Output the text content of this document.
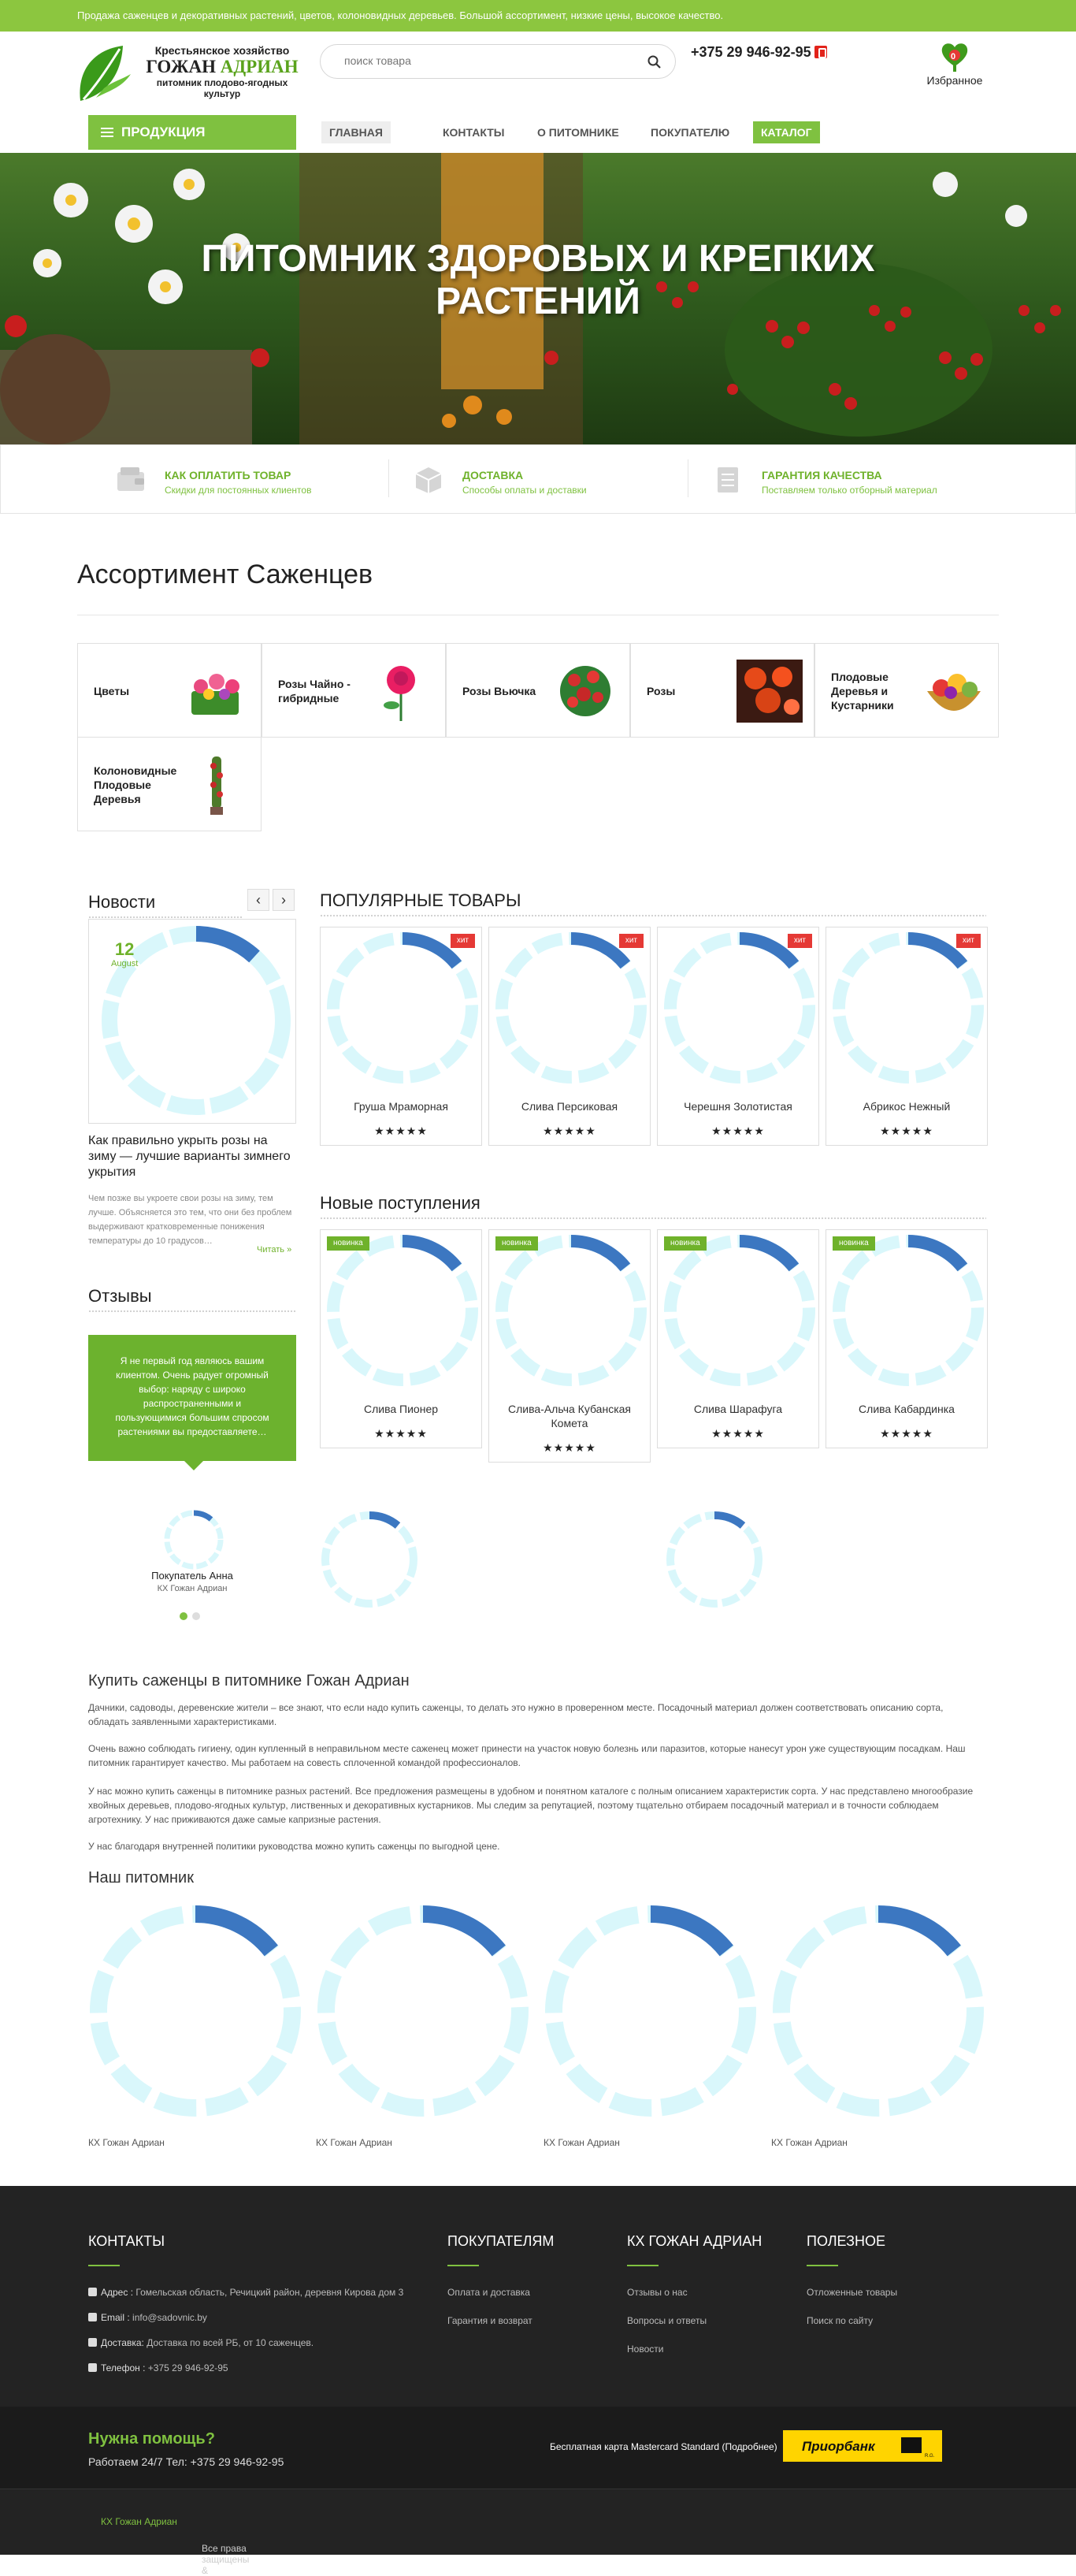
Продажа саженцев и декоративных растений, цветов, колоновидных деревьев. Большой ассортимент, низкие цены, высокое качество.
Крестьянское хозяйство
ГОЖАН АДРИАН
питомник плодово-ягодных
культур
поиск товара
+375 29 946-92-95	0
Избранное
ПРОДУКЦИЯ	ГЛАВНАЯ	КОНТАКТЫ	О ПИТОМНИКЕ	ПОКУПАТЕЛЮ	КАТАЛОГ
ПИТОМНИК ЗДОРОВЫХ И КРЕПКИХ
РАСТЕНИЙ
КАК ОПЛАТИТЬ ТОВАР
Скидки для постоянных клиентов
ДОСТАВКА
Способы оплаты и доставки
ГАРАНТИЯ КАЧЕСТВА
Поставляем только отборный материал
Ассортимент Саженцев
Цветы
Розы Чайно - гибридные
Розы Вьючка	Розы
Плодовые Деревья и Кустарники
Колоновидные Плодовые Деревья
Новости	‹ ›
12
August
Как правильно укрыть розы на зиму — лучшие варианты зимнего укрытия
Чем позже вы укроете свои розы на зиму, тем лучше. Объясняется это тем, что они без проблем выдерживают кратковременные понижения температуры до 10 градусов…
Читать »
Отзывы
Я не первый год являюсь вашим клиентом. Очень радует огромный выбор: наряду с широко распространенными и пользующимися большим спросом растениями вы предоставляете…
Покупатель Анна
КХ Гожан Адриан
ПОПУЛЯРНЫЕ ТОВАРЫ
хит
Груша Мраморная
★★★★★
хит
Слива Персиковая
★★★★★
хит
Черешня Золотистая
★★★★★
хит
Абрикос Нежный
★★★★★
Новые поступления
новинка
Слива Пионер
★★★★★
новинка
Слива-Альча Кубанская Комета
★★★★★
новинка
Слива Шарафуга
★★★★★
новинка
Слива Кабардинка
★★★★★
Купить саженцы в питомнике Гожан Адриан

Дачники, садоводы, деревенские жители – все знают, что если надо купить саженцы, то делать это нужно в проверенном месте. Посадочный материал должен соответствовать описанию сорта, обладать заявленными характеристиками.

Очень важно соблюдать гигиену, один купленный в неправильном месте саженец может принести на участок новую болезнь или паразитов, которые нанесут урон уже существующим посадкам. Наш питомник гарантирует качество. Мы работаем на совесть сплоченной командой профессионалов.

У нас можно купить саженцы в питомнике разных растений. Все предложения размещены в удобном и понятном каталоге с полным описанием характеристик сорта. У нас представлено многообразие хвойных деревьев, плодово-ягодных культур, лиственных и декоративных кустарников. Мы следим за репутацией, поэтому тщательно отбираем посадочный материал и в точности соблюдаем агротехнику. У нас приживаются даже самые капризные растения.

У нас благодаря внутренней политики руководства можно купить саженцы по выгодной цене.

Наш питомник
КХ Гожан Адриан	КХ Гожан Адриан	КХ Гожан Адриан	КХ Гожан Адриан
КОНТАКТЫ
Адрес : Гомельская область, Речицкий район, деревня Кирова дом 3
Email : info@sadovnic.by
Доставка: Доставка по всей РБ, от 10 саженцев.
Телефон : +375 29 946-92-95
ПОКУПАТЕЛЯМ
Оплата и доставка
Гарантия и возврат
КХ ГОЖАН АДРИАН
Отзывы о нас
Вопросы и ответы
Новости
ПОЛЕЗНОЕ
Отложенные товары
Поиск по сайту
Нужна помощь?
Работаем 24/7 Тел: +375 29 946-92-95
Бесплатная карта Mastercard Standard (Подробнее) Приорбанк
R.G.
Все права защищены &
КХ Гожан Адриан
